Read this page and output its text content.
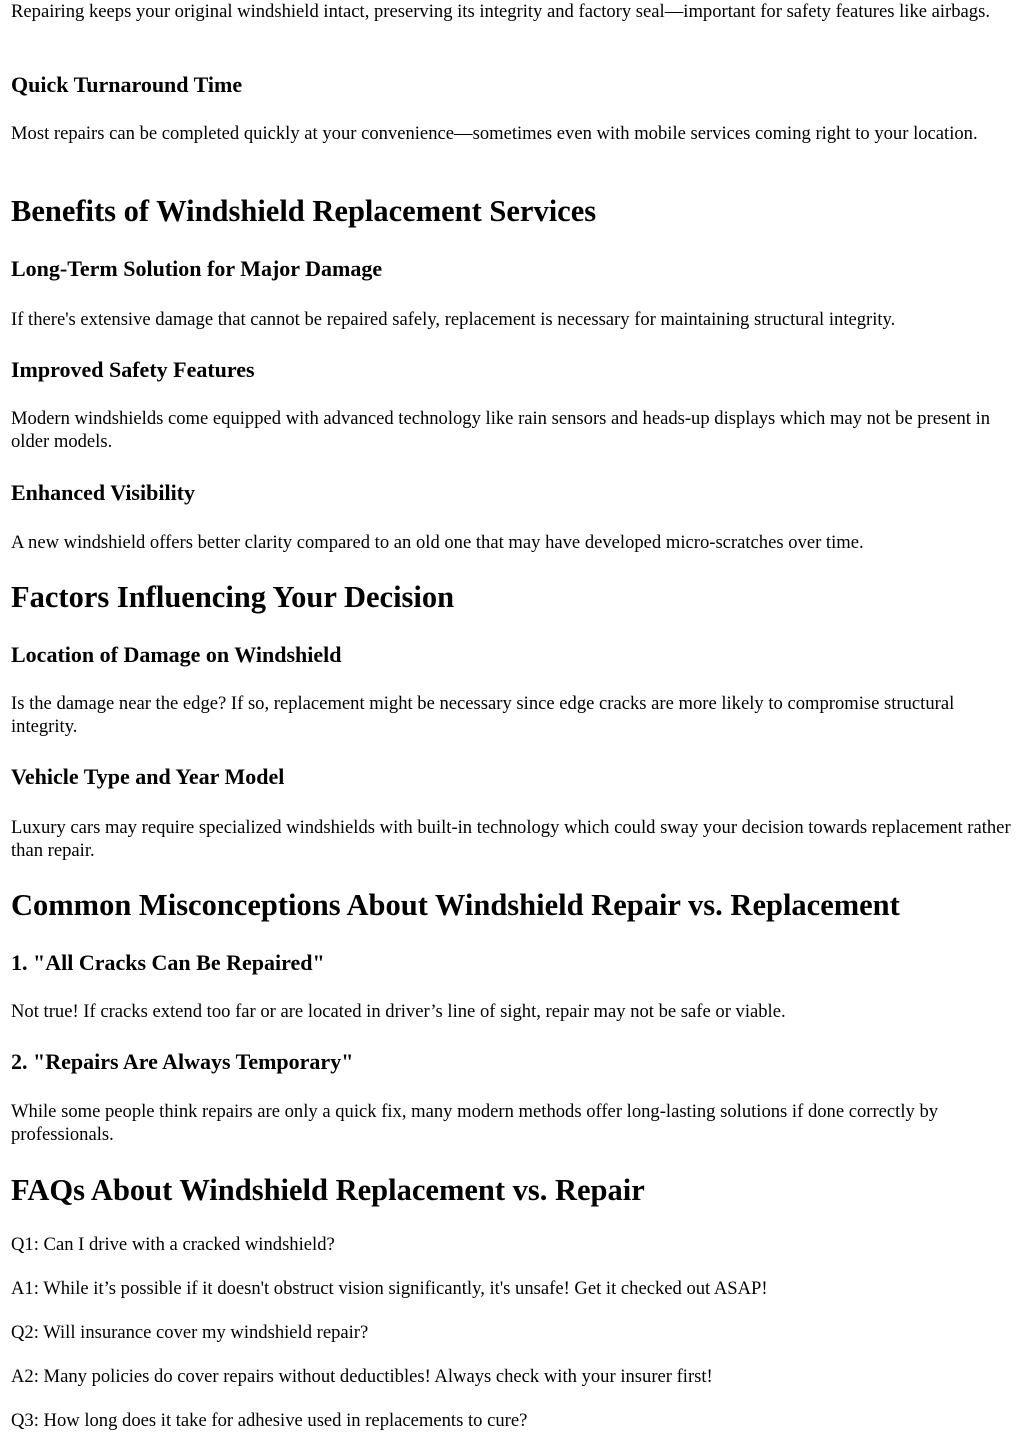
Repairing keeps your original windshield intact, preserving its integrity and factory seal—important for safety features like airbags.

Quick Turnaround Time

Most repairs can be completed quickly at your convenience—sometimes even with mobile services coming right to your location.

Benefits of Windshield Replacement Services
Long-Term Solution for Major Damage

If there's extensive damage that cannot be repaired safely, replacement is necessary for maintaining structural integrity.

Improved Safety Features

Modern windshields come equipped with advanced technology like rain sensors and heads-up displays which may not be present in older models.

Enhanced Visibility

A new windshield offers better clarity compared to an old one that may have developed micro-scratches over time.

Factors Influencing Your Decision
Location of Damage on Windshield

Is the damage near the edge? If so, replacement might be necessary since edge cracks are more likely to compromise structural integrity.

Vehicle Type and Year Model

Luxury cars may require specialized windshields with built-in technology which could sway your decision towards replacement rather than repair.

Common Misconceptions About Windshield Repair vs. Replacement
1. "All Cracks Can Be Repaired"

Not true! If cracks extend too far or are located in driver’s line of sight, repair may not be safe or viable.

2. "Repairs Are Always Temporary"

While some people think repairs are only a quick fix, many modern methods offer long-lasting solutions if done correctly by professionals.

FAQs About Windshield Replacement vs. Repair

Q1: Can I drive with a cracked windshield?

A1: While it’s possible if it doesn't obstruct vision significantly, it's unsafe! Get it checked out ASAP!

Q2: Will insurance cover my windshield repair?

A2: Many policies do cover repairs without deductibles! Always check with your insurer first!

Q3: How long does it take for adhesive used in replacements to cure?
